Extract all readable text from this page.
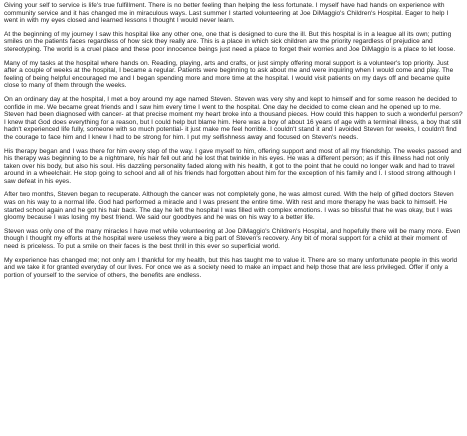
Giving your self to service is life's true fulfillment. There is no better feeling than helping the less fortunate. I myself have had hands on experience with community service and it has changed me in miraculous ways. Last summer I started volunteering at Joe DiMaggio's Children's Hospital. Eager to help I went in with my eyes closed and learned lessons I thought I would never learn.

At the beginning of my journey I saw this hospital like any other one, one that is designed to cure the ill. But this hospital is in a league all its own; putting smiles on the patients faces regardless of how sick they really are. This is a place in which sick children are the priority regardless of prejudice and stereotyping. The world is a cruel place and these poor innocence beings just need a place to forget their worries and Joe DiMaggio is a place to let loose.

Many of my tasks at the hospital where hands on. Reading, playing, arts and crafts, or just simply offering moral support is a volunteer's top priority. Just after a couple of weeks at the hospital, I became a regular. Patients were beginning to ask about me and were inquiring when I would come and play. The feeling of being helpful encouraged me and I began spending more and more time at the hospital. I would visit patients on my days off and became quite close to many of them through the weeks.

On an ordinary day at the hospital, I met a boy around my age named Steven. Steven was very shy and kept to himself and for some reason he decided to confide in me. We became great friends and I saw him every time I went to the hospital. One day he decided to come clean and he opened up to me. Steven had been diagnosed with cancer- at that precise moment my heart broke into a thousand pieces. How could this happen to such a wonderful person? I knew that God does everything for a reason, but I could help but blame him. Here was a boy of about 16 years of age with a terminal illness, a boy that still hadn't experienced life fully, someone with so much potential- it just make me feel horrible. I couldn't stand it and I avoided Steven for weeks, I couldn't find the courage to face him and I knew I had to be strong for him. I put my selfishness away and focused on Steven's needs.

His therapy began and I was there for him every step of the way. I gave myself to him, offering support and most of all my friendship. The weeks passed and his therapy was beginning to be a nightmare, his hair fell out and he lost that twinkle in his eyes. He was a different person; as if this illness had not only taken over his body, but also his soul. His dazzling personality faded along with his health, it got to the point that he could no longer walk and had to travel around in a wheelchair. He stop going to school and all of his friends had forgotten about him for the exception of his family and I. I stood strong although I saw defeat in his eyes.

After two months, Steven began to recuperate. Although the cancer was not completely gone, he was almost cured. With the help of gifted doctors Steven was on his way to a normal life. God had performed a miracle and I was present the entire time. With rest and more therapy he was back to himself. He started school again and he got his hair back. The day he left the hospital I was filled with complex emotions. I was so blissful that he was okay, but I was gloomy because I was losing my best friend. We said our goodbyes and he was on his way to a better life.

Steven was only one of the many miracles I have met while volunteering at Joe DiMaggio's Children's Hospital, and hopefully there will be many more. Even though I thought my efforts at the hospital were useless they were a big part of Steven's recovery. Any bit of moral support for a child at their moment of need is priceless. To put a smile on their faces is the best thrill in this ever so superficial world.

My experience has changed me; not only am I thankful for my health, but this has taught me to value it. There are so many unfortunate people in this world and we take it for granted everyday of our lives. For once we as a society need to make an impact and help those that are less privileged. Offer if only a portion of yourself to the service of others, the benefits are endless.
